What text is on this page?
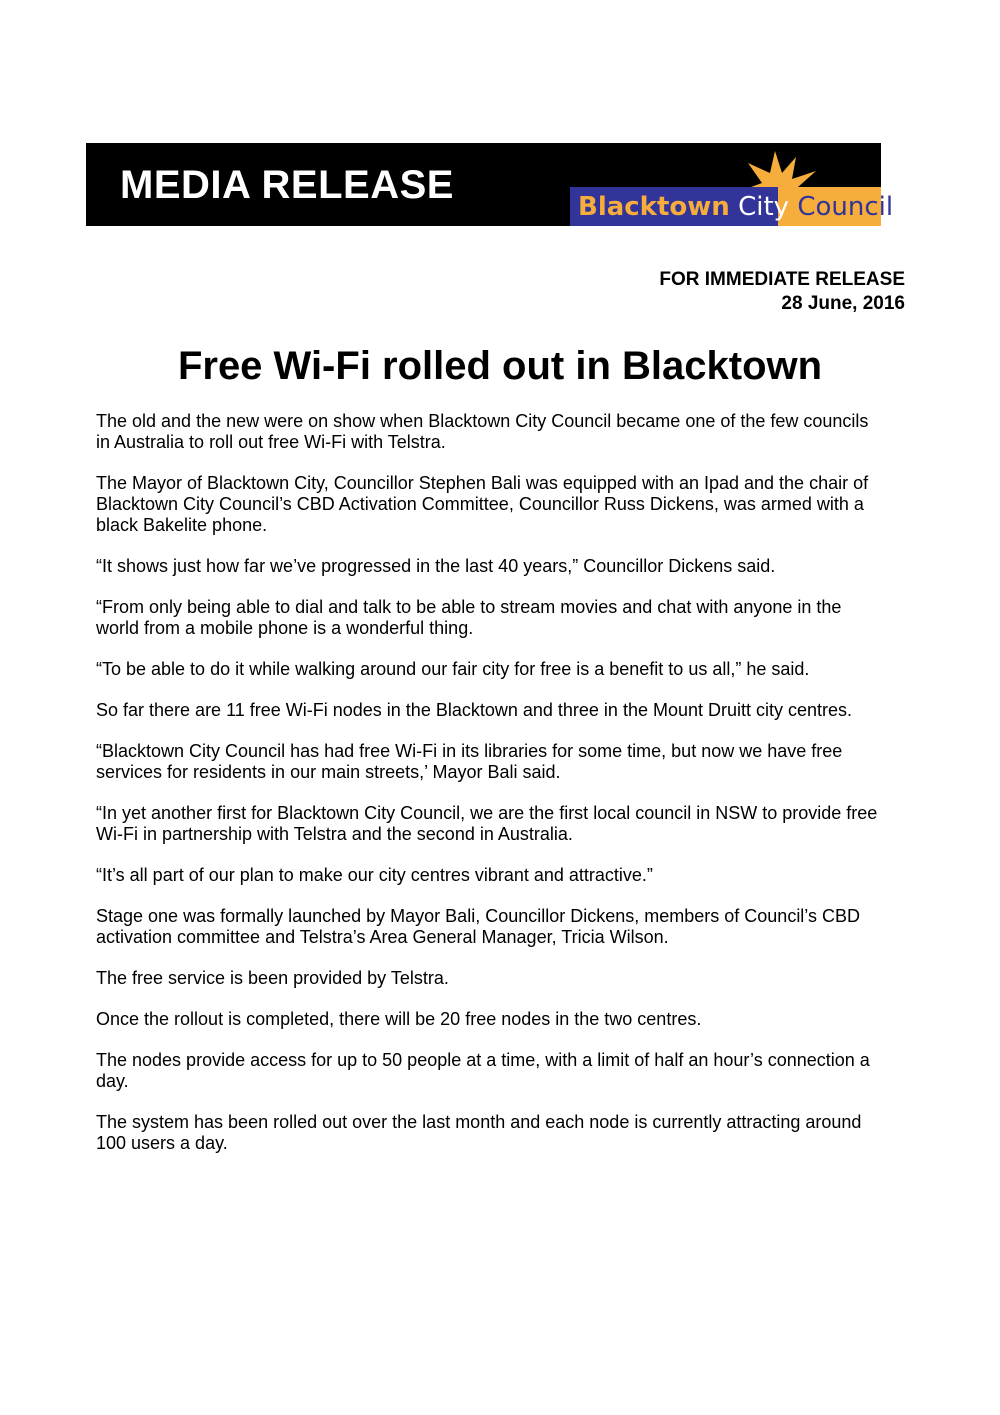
MEDIA RELEASE	Blacktown City Council
FOR IMMEDIATE RELEASE
28 June, 2016
Free Wi-Fi rolled out in Blacktown

The old and the new were on show when Blacktown City Council became one of the few councils
in Australia to roll out free Wi-Fi with Telstra.

The Mayor of Blacktown City, Councillor Stephen Bali was equipped with an Ipad and the chair of
Blacktown City Council’s CBD Activation Committee, Councillor Russ Dickens, was armed with a
black Bakelite phone.

“It shows just how far we’ve progressed in the last 40 years,” Councillor Dickens said.

“From only being able to dial and talk to be able to stream movies and chat with anyone in the
world from a mobile phone is a wonderful thing.

“To be able to do it while walking around our fair city for free is a benefit to us all,” he said.

So far there are 11 free Wi-Fi nodes in the Blacktown and three in the Mount Druitt city centres.

“Blacktown City Council has had free Wi-Fi in its libraries for some time, but now we have free
services for residents in our main streets,’ Mayor Bali said.

“In yet another first for Blacktown City Council, we are the first local council in NSW to provide free
Wi-Fi in partnership with Telstra and the second in Australia.

“It’s all part of our plan to make our city centres vibrant and attractive.”

Stage one was formally launched by Mayor Bali, Councillor Dickens, members of Council’s CBD
activation committee and Telstra’s Area General Manager, Tricia Wilson.

The free service is been provided by Telstra.

Once the rollout is completed, there will be 20 free nodes in the two centres.

The nodes provide access for up to 50 people at a time, with a limit of half an hour’s connection a
day.

The system has been rolled out over the last month and each node is currently attracting around
100 users a day.
